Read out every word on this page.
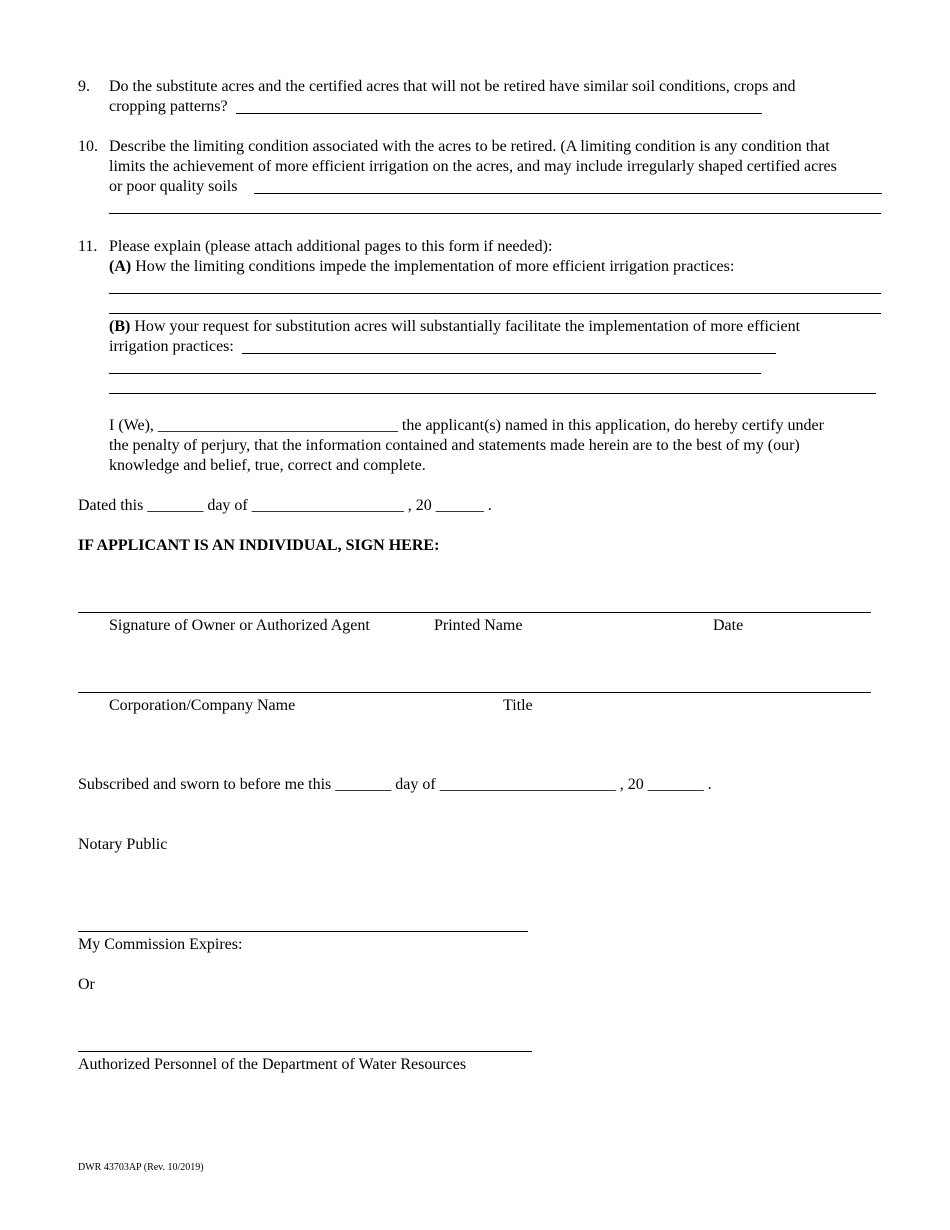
9. Do the substitute acres and the certified acres that will not be retired have similar soil conditions, crops and
cropping patterns?
10. Describe the limiting condition associated with the acres to be retired. (A limiting condition is any condition that
limits the achievement of more efficient irrigation on the acres, and may include irregularly shaped certified acres
or poor quality soils
11. Please explain (please attach additional pages to this form if needed):
(A) How the limiting conditions impede the implementation of more efficient irrigation practices:
(B) How your request for substitution acres will substantially facilitate the implementation of more efficient
irrigation practices:
I (We), ______________________________ the applicant(s) named in this application, do hereby certify under
the penalty of perjury, that the information contained and statements made herein are to the best of my (our)
knowledge and belief, true, correct and complete.
Dated this _______ day of ___________________ , 20 ______ .
IF APPLICANT IS AN INDIVIDUAL, SIGN HERE:
Signature of Owner or Authorized Agent	Printed Name	Date
Corporation/Company Name	Title
Subscribed and sworn to before me this _______ day of ______________________ , 20 _______ .
Notary Public
My Commission Expires:
Or
Authorized Personnel of the Department of Water Resources
DWR 43703AP (Rev. 10/2019)
